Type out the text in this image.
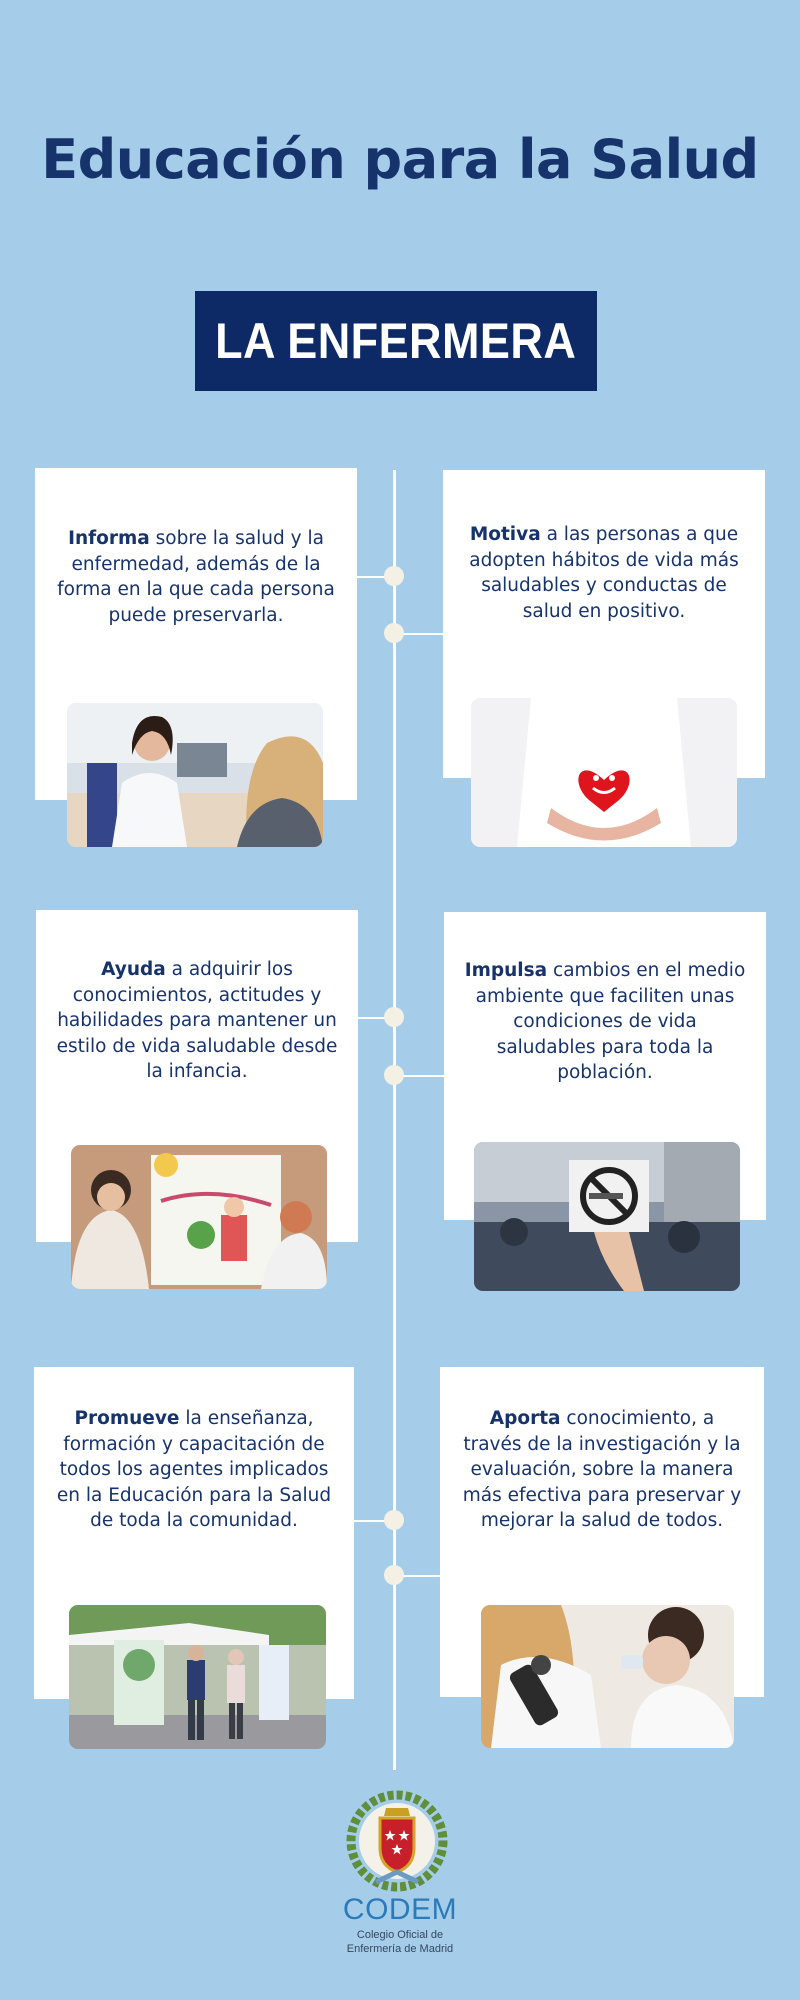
Educación para la Salud
LA ENFERMERA

Informa sobre la salud y la enfermedad, además de la forma en la que cada persona puede preservarla.

Motiva a las personas a que adopten hábitos de vida más saludables y conductas de salud en positivo.

Ayuda a adquirir los conocimientos, actitudes y habilidades para mantener un estilo de vida saludable desde la infancia.

Impulsa cambios en el medio ambiente que faciliten unas condiciones de vida saludables para toda la población.

Promueve la enseñanza, formación y capacitación de todos los agentes implicados en la Educación para la Salud de toda la comunidad.

Aporta conocimiento, a través de la investigación y la evaluación, sobre la manera más efectiva para preservar y mejorar la salud de todos.

CODEM
Colegio Oficial de
Enfermería de Madrid
